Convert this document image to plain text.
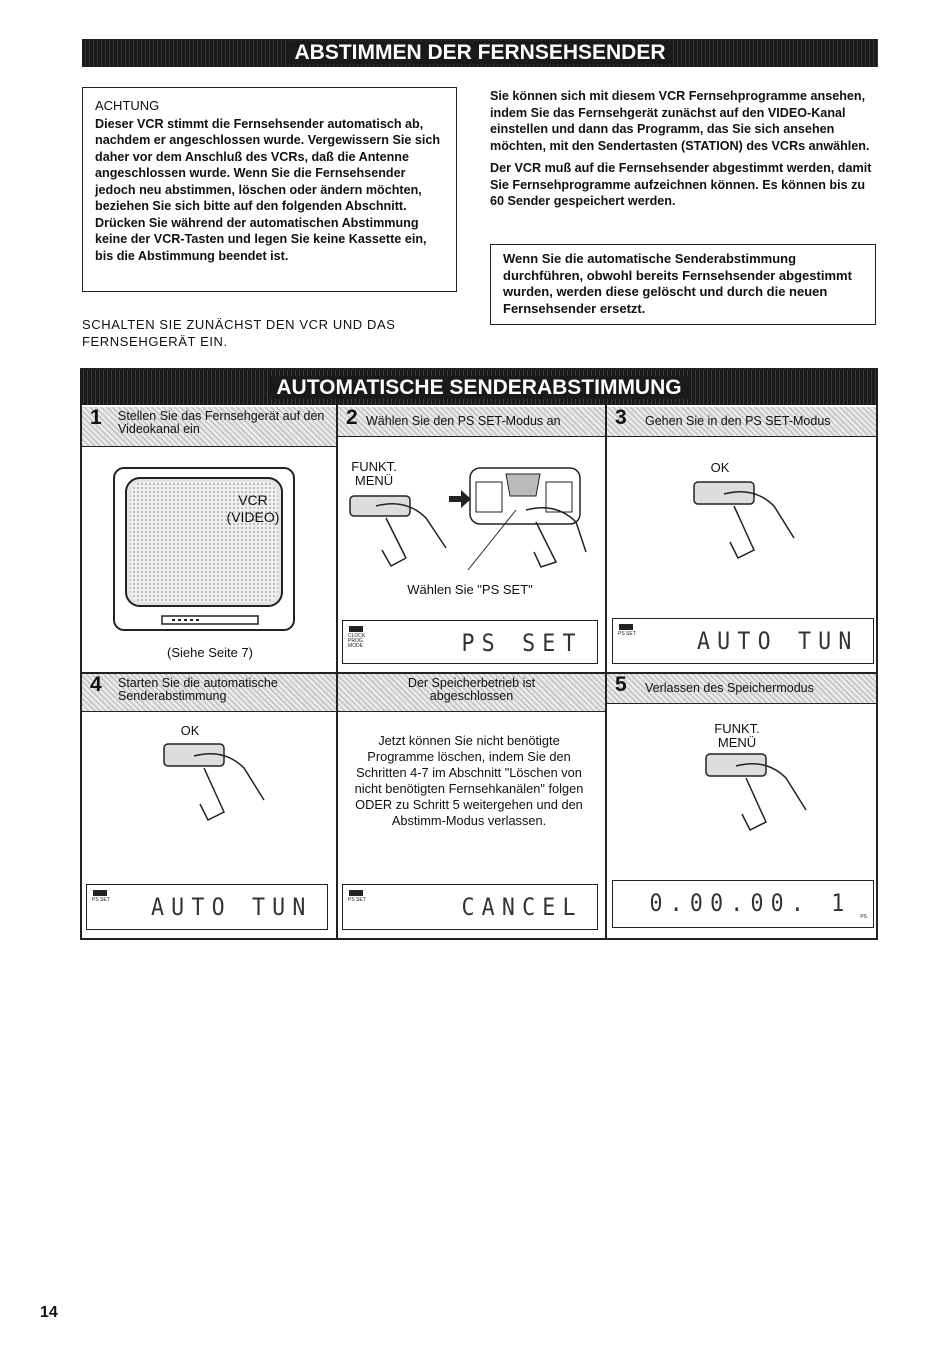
ABSTIMMEN DER FERNSEHSENDER
ACHTUNG
Dieser VCR stimmt die Fernsehsender automatisch ab, nachdem er angeschlossen wurde. Vergewissern Sie sich daher vor dem Anschluß des VCRs, daß die Antenne angeschlossen wurde. Wenn Sie die Fernsehsender jedoch neu abstimmen, löschen oder ändern möchten, beziehen Sie sich bitte auf den folgenden Abschnitt. Drücken Sie während der automatischen Abstimmung keine der VCR-Tasten und legen Sie keine Kassette ein, bis die Abstimmung beendet ist.

Sie können sich mit diesem VCR Fernsehprogramme ansehen, indem Sie das Fernsehgerät zunächst auf den VIDEO-Kanal einstellen und dann das Programm, das Sie sich ansehen möchten, mit den Sendertasten (STATION) des VCRs anwählen.

Der VCR muß auf die Fernsehsender abgestimmt werden, damit Sie Fernsehprogramme aufzeichnen können. Es können bis zu 60 Sender gespeichert werden.

Wenn Sie die automatische Senderabstimmung durchführen, obwohl bereits Fernsehsender abgestimmt wurden, werden diese gelöscht und durch die neuen Fernsehsender ersetzt.
SCHALTEN SIE ZUNÄCHST DEN VCR UND DAS FERNSEHGERÄT EIN.
AUTOMATISCHE SENDERABSTIMMUNG
1 Stellen Sie das Fernsehgerät auf den Videokanal ein
VCR (VIDEO)
(Siehe Seite 7)
2 Wählen Sie den PS SET-Modus an
FUNKT. MENÜ
Wählen Sie "PS SET"
CLOCK PROG. MODE	PS SET
3 Gehen Sie in den PS SET-Modus
OK
PS SET	AUTO TUN
4 Starten Sie die automatische Senderabstimmung
OK
PS SET AUTO TUN
Der Speicherbetrieb ist abgeschlossen
Jetzt können Sie nicht benötigte Programme löschen, indem Sie den Schritten 4-7 im Abschnitt "Löschen von nicht benötigten Fernsehkanälen" folgen ODER zu Schritt 5 weitergehen und den Abstimm-Modus verlassen.
PS SET	CANCEL
5 Verlassen des Speichermodus
FUNKT. MENÜ
PS
0.00.00. 1
14
